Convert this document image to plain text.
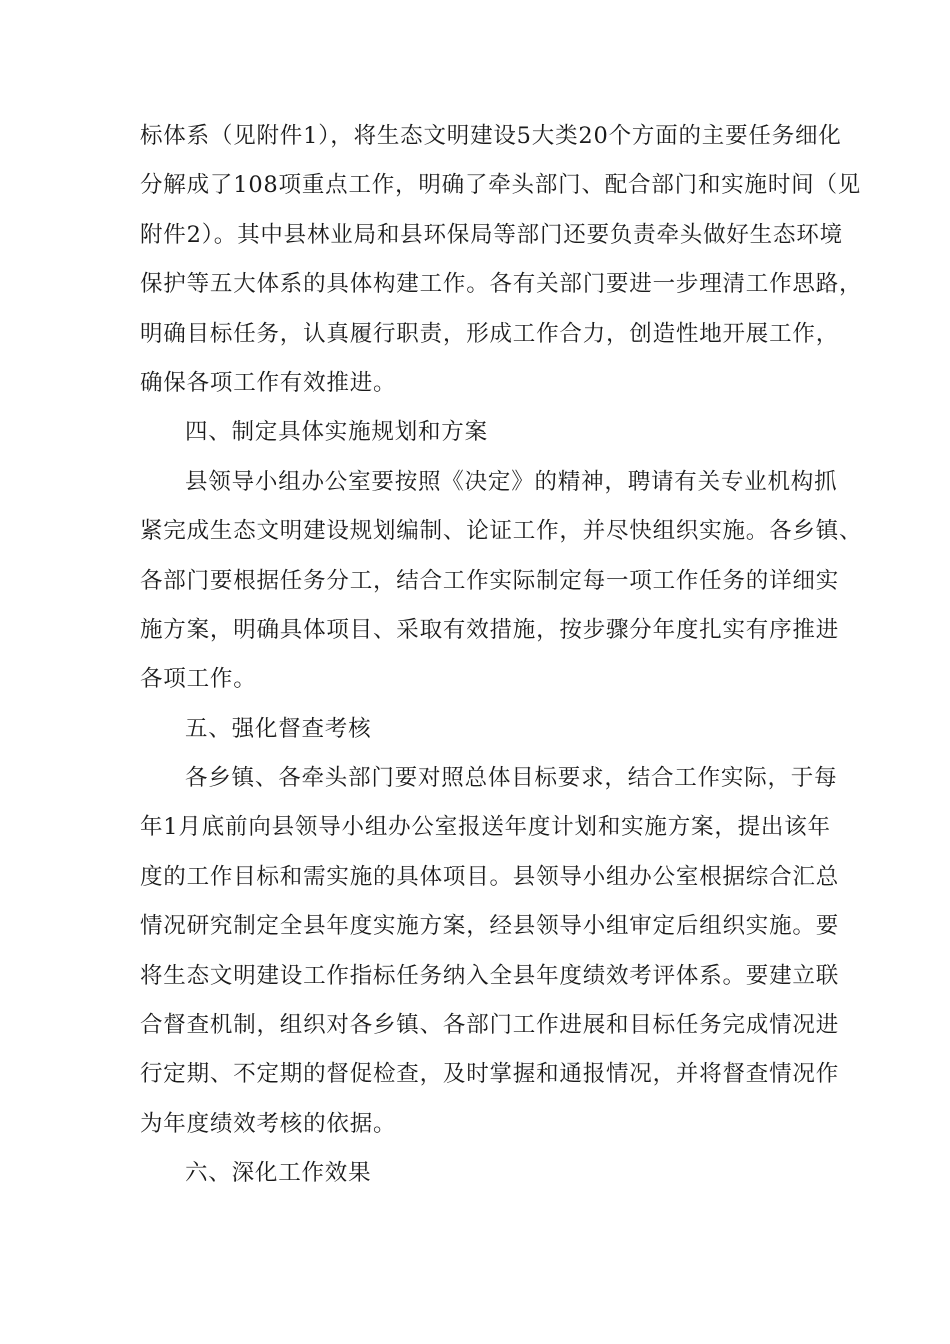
标体系（见附件1），将生态文明建设5大类20个方面的主要任务细化
分解成了108项重点工作，明确了牵头部门、配合部门和实施时间（见
附件2）。其中县林业局和县环保局等部门还要负责牵头做好生态环境
保护等五大体系的具体构建工作。各有关部门要进一步理清工作思路，
明确目标任务，认真履行职责，形成工作合力，创造性地开展工作，
确保各项工作有效推进。

四、制定具体实施规划和方案

县领导小组办公室要按照《决定》的精神，聘请有关专业机构抓
紧完成生态文明建设规划编制、论证工作，并尽快组织实施。各乡镇、
各部门要根据任务分工，结合工作实际制定每一项工作任务的详细实
施方案，明确具体项目、采取有效措施，按步骤分年度扎实有序推进
各项工作。

五、强化督查考核

各乡镇、各牵头部门要对照总体目标要求，结合工作实际，于每
年1月底前向县领导小组办公室报送年度计划和实施方案，提出该年
度的工作目标和需实施的具体项目。县领导小组办公室根据综合汇总
情况研究制定全县年度实施方案，经县领导小组审定后组织实施。要
将生态文明建设工作指标任务纳入全县年度绩效考评体系。要建立联
合督查机制，组织对各乡镇、各部门工作进展和目标任务完成情况进
行定期、不定期的督促检查，及时掌握和通报情况，并将督查情况作
为年度绩效考核的依据。

六、深化工作效果
